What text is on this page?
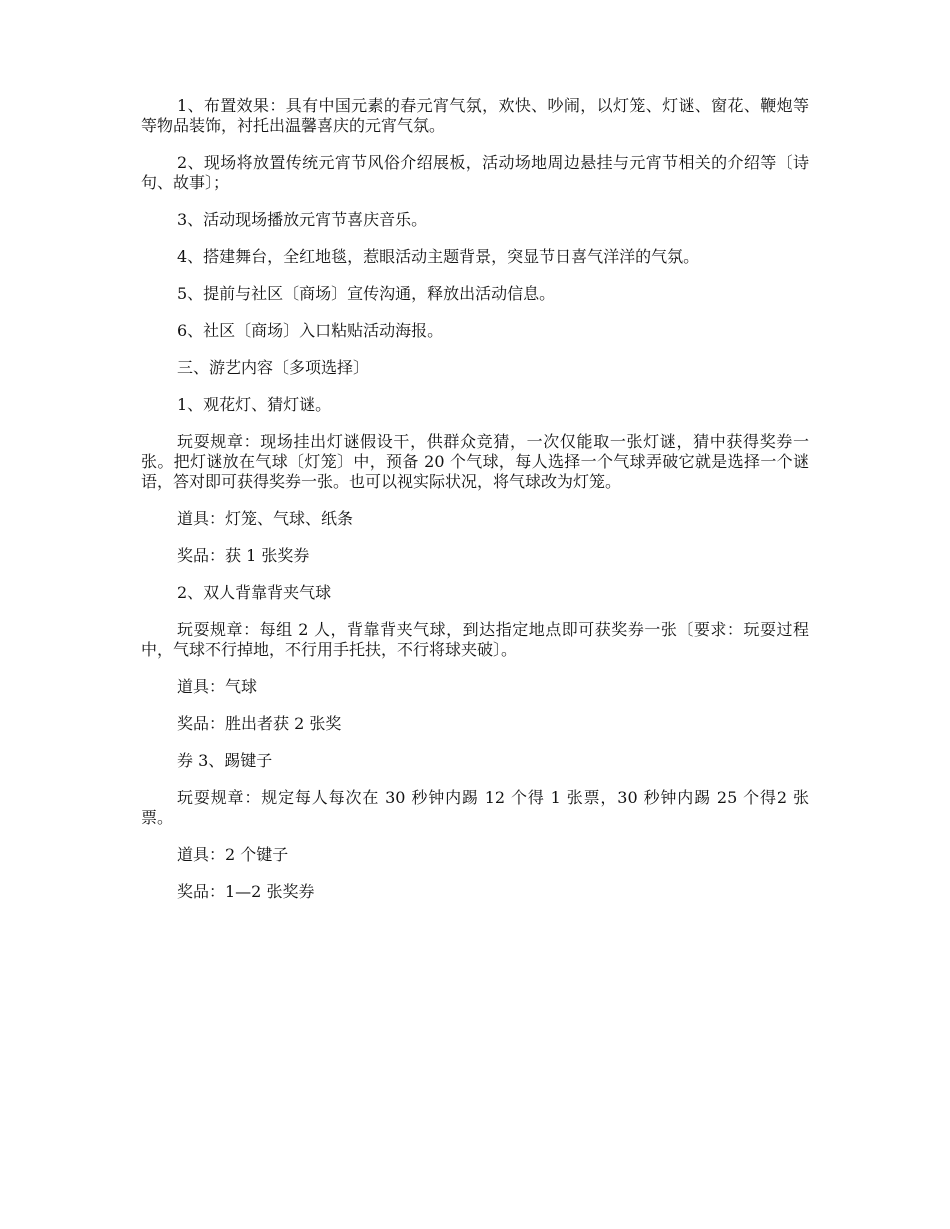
1、布置效果：具有中国元素的春元宵气氛，欢快、吵闹，以灯笼、灯谜、窗花、鞭炮等等物品装饰，衬托出温馨喜庆的元宵气氛。

2、现场将放置传统元宵节风俗介绍展板，活动场地周边悬挂与元宵节相关的介绍等〔诗句、故事〕；

3、活动现场播放元宵节喜庆音乐。

4、搭建舞台，全红地毯，惹眼活动主题背景，突显节日喜气洋洋的气氛。

5、提前与社区〔商场〕宣传沟通，释放出活动信息。

6、社区〔商场〕入口粘贴活动海报。

三、游艺内容〔多项选择〕

1、观花灯、猜灯谜。

玩耍规章：现场挂出灯谜假设干，供群众竞猜，一次仅能取一张灯谜，猜中获得奖券一张。把灯谜放在气球〔灯笼〕中，预备 20 个气球，每人选择一个气球弄破它就是选择一个谜语，答对即可获得奖券一张。也可以视实际状况，将气球改为灯笼。

道具：灯笼、气球、纸条

奖品：获 1 张奖券

2、双人背靠背夹气球

玩耍规章：每组 2 人，背靠背夹气球，到达指定地点即可获奖券一张〔要求：玩耍过程中，气球不行掉地，不行用手托扶，不行将球夹破〕。

道具：气球

奖品：胜出者获 2 张奖

券 3、踢键子

玩耍规章：规定每人每次在 30 秒钟内踢 12 个得 1 张票，30 秒钟内踢 25 个得2 张票。

道具：2 个键子

奖品：1—2 张奖券
